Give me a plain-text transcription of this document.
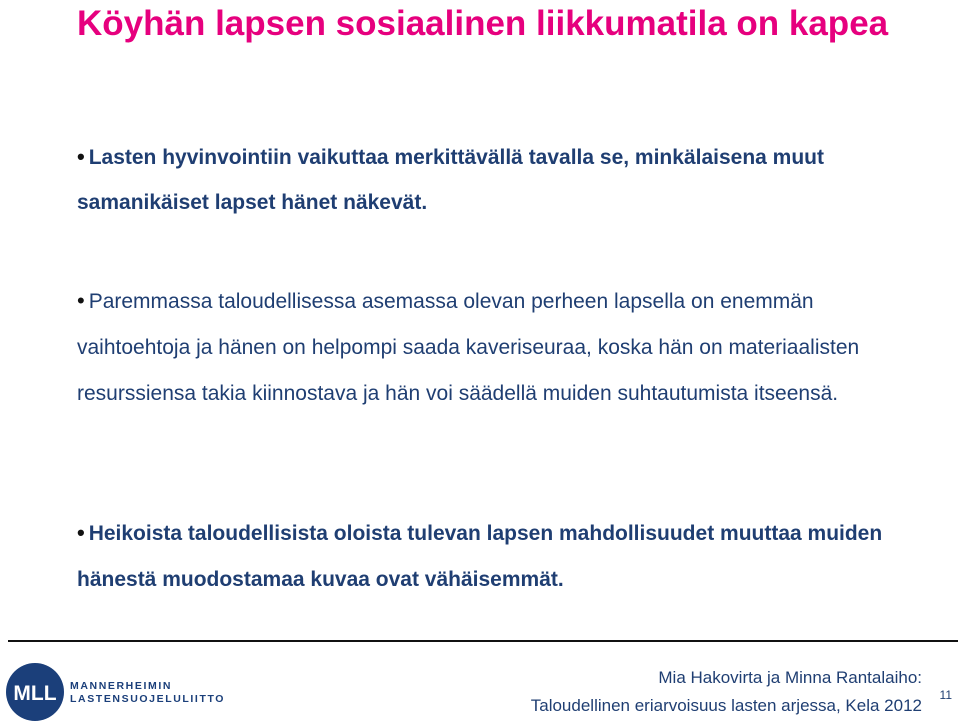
Köyhän lapsen sosiaalinen liikkumatila on kapea

• Lasten hyvinvointiin vaikuttaa merkittävällä tavalla se, minkälaisena muut samanikäiset lapset hänet näkevät.

• Paremmassa taloudellisessa asemassa olevan perheen lapsella on enemmän vaihtoehtoja ja hänen on helpompi saada kaveriseuraa, koska hän on materiaalisten resurssiensa takia kiinnostava ja hän voi säädellä muiden suhtautumista itseensä.

• Heikoista taloudellisista oloista tulevan lapsen mahdollisuudet muuttaa muiden hänestä muodostamaa kuvaa ovat vähäisemmät.

MLL MANNERHEIMIN
LASTENSUOJELULIITTO
Mia Hakovirta ja Minna Rantalaiho:
Taloudellinen eriarvoisuus lasten arjessa, Kela 2012
11
